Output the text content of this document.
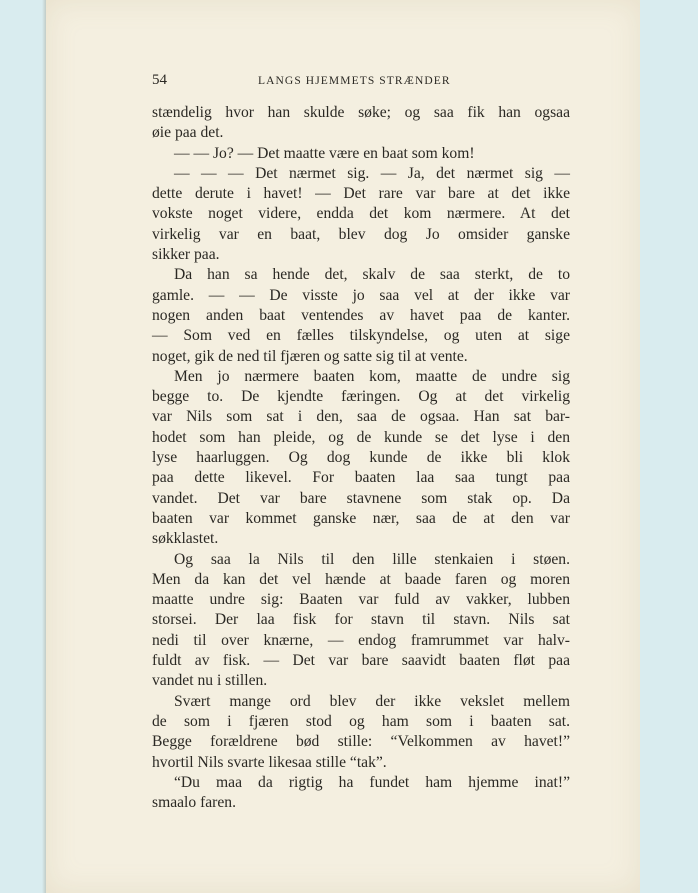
54	LANGS HJEMMETS STRÆNDER
stændelig hvor han skulde søke; og saa fik han ogsaa
øie paa det.
— — Jo? — Det maatte være en baat som kom!
— — — Det nærmet sig. — Ja, det nærmet sig —
dette derute i havet! — Det rare var bare at det ikke
vokste noget videre, endda det kom nærmere. At det
virkelig var en baat, blev dog Jo omsider ganske
sikker paa.
Da han sa hende det, skalv de saa sterkt, de to
gamle. — — De visste jo saa vel at der ikke var
nogen anden baat ventendes av havet paa de kanter.
— Som ved en fælles tilskyndelse, og uten at sige
noget, gik de ned til fjæren og satte sig til at vente.
Men jo nærmere baaten kom, maatte de undre sig
begge to. De kjendte færingen. Og at det virkelig
var Nils som sat i den, saa de ogsaa. Han sat bar-
hodet som han pleide, og de kunde se det lyse i den
lyse haarluggen. Og dog kunde de ikke bli klok
paa dette likevel. For baaten laa saa tungt paa
vandet. Det var bare stavnene som stak op. Da
baaten var kommet ganske nær, saa de at den var
søkklastet.
Og saa la Nils til den lille stenkaien i støen.
Men da kan det vel hænde at baade faren og moren
maatte undre sig: Baaten var fuld av vakker, lubben
storsei. Der laa fisk for stavn til stavn. Nils sat
nedi til over knærne, — endog framrummet var halv-
fuldt av fisk. — Det var bare saavidt baaten fløt paa
vandet nu i stillen.
Svært mange ord blev der ikke vekslet mellem
de som i fjæren stod og ham som i baaten sat.
Begge forældrene bød stille: “Velkommen av havet!”
hvortil Nils svarte likesaa stille “tak”.
“Du maa da rigtig ha fundet ham hjemme inat!”
smaalo faren.
